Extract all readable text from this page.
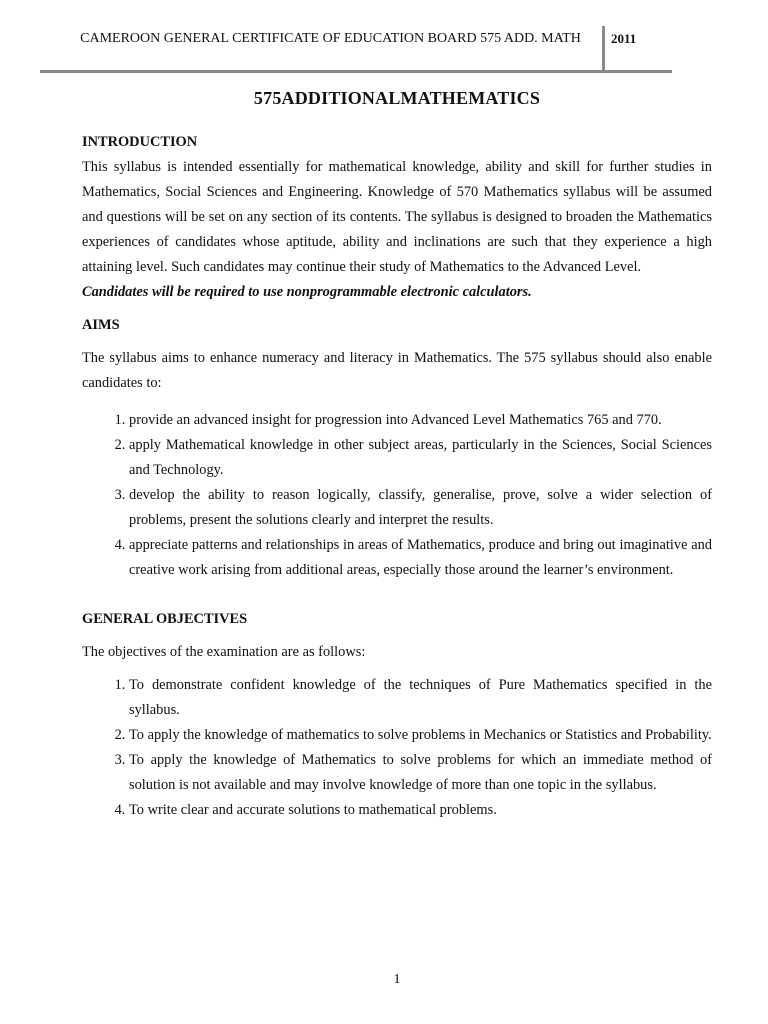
CAMEROON GENERAL CERTIFICATE OF EDUCATION BOARD 575 ADD. MATH	2011
575ADDITIONALMATHEMATICS
INTRODUCTION

This syllabus is intended essentially for mathematical knowledge, ability and skill for further studies in Mathematics, Social Sciences and Engineering. Knowledge of 570 Mathematics syllabus will be assumed and questions will be set on any section of its contents. The syllabus is designed to broaden the Mathematics experiences of candidates whose aptitude, ability and inclinations are such that they experience a high attaining level. Such candidates may continue their study of Mathematics to the Advanced Level.

Candidates will be required to use nonprogrammable electronic calculators.

AIMS

The syllabus aims to enhance numeracy and literacy in Mathematics. The 575 syllabus should also enable candidates to:

1. provide an advanced insight for progression into Advanced Level Mathematics 765 and 770.
2. apply Mathematical knowledge in other subject areas, particularly in the Sciences, Social Sciences and Technology.
3. develop the ability to reason logically, classify, generalise, prove, solve a wider selection of problems, present the solutions clearly and interpret the results.
4. appreciate patterns and relationships in areas of Mathematics, produce and bring out imaginative and creative work arising from additional areas, especially those around the learner’s environment.
GENERAL OBJECTIVES

The objectives of the examination are as follows:

1. To demonstrate confident knowledge of the techniques of Pure Mathematics specified in the syllabus.
2. To apply the knowledge of mathematics to solve problems in Mechanics or Statistics and Probability.
3. To apply the knowledge of Mathematics to solve problems for which an immediate method of solution is not available and may involve knowledge of more than one topic in the syllabus.
4. To write clear and accurate solutions to mathematical problems.
1
